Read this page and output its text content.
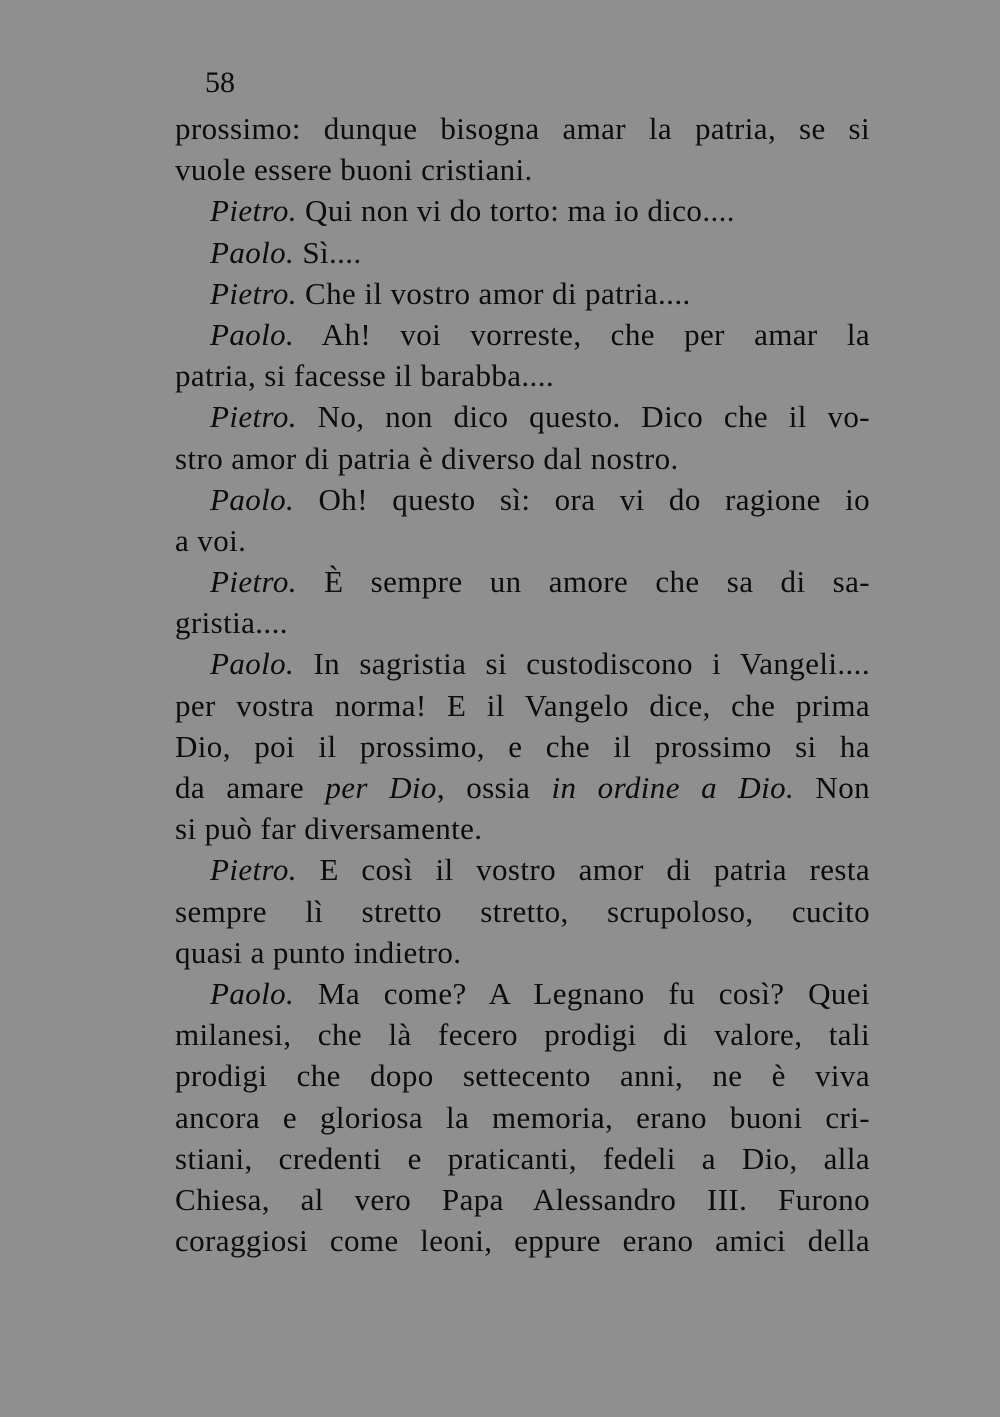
58

prossimo: dunque bisogna amar la patria, se si
vuole essere buoni cristiani.
Pietro. Qui non vi do torto: ma io dico....
Paolo. Sì....
Pietro. Che il vostro amor di patria....
Paolo. Ah! voi vorreste, che per amar la
patria, si facesse il barabba....
Pietro. No, non dico questo. Dico che il vo-
stro amor di patria è diverso dal nostro.
Paolo. Oh! questo sì: ora vi do ragione io
a voi.
Pietro. È sempre un amore che sa di sa-
gristia....
Paolo. In sagristia si custodiscono i Vangeli....
per vostra norma! E il Vangelo dice, che prima
Dio, poi il prossimo, e che il prossimo si ha
da amare per Dio, ossia in ordine a Dio. Non
si può far diversamente.
Pietro. E così il vostro amor di patria resta
sempre lì stretto stretto, scrupoloso, cucito
quasi a punto indietro.
Paolo. Ma come? A Legnano fu così? Quei
milanesi, che là fecero prodigi di valore, tali
prodigi che dopo settecento anni, ne è viva
ancora e gloriosa la memoria, erano buoni cri-
stiani, credenti e praticanti, fedeli a Dio, alla
Chiesa, al vero Papa Alessandro III. Furono
coraggiosi come leoni, eppure erano amici della
